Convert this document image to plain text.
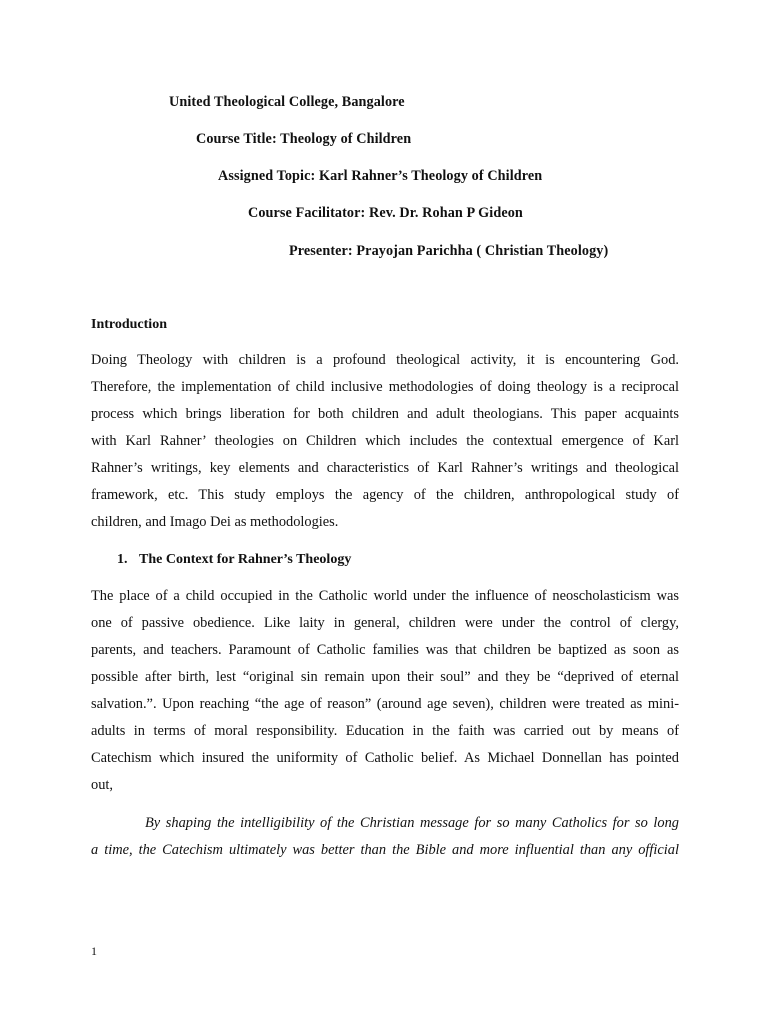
United Theological College, Bangalore
Course Title: Theology of Children
Assigned Topic: Karl Rahner’s Theology of Children
Course Facilitator: Rev. Dr. Rohan P Gideon
Presenter: Prayojan Parichha ( Christian Theology)
Introduction
Doing Theology with children is a profound theological activity, it is encountering God.
Therefore, the implementation of child inclusive methodologies of doing theology is a reciprocal
process which brings liberation for both children and adult theologians. This paper acquaints
with Karl Rahner’ theologies on Children which includes the contextual emergence of Karl
Rahner’s writings, key elements and characteristics of Karl Rahner’s writings and theological
framework, etc. This study employs the agency of the children, anthropological study of
children, and Imago Dei as methodologies.
1. The Context for Rahner’s Theology
The place of a child occupied in the Catholic world under the influence of neoscholasticism was
one of passive obedience. Like laity in general, children were under the control of clergy,
parents, and teachers. Paramount of Catholic families was that children be baptized as soon as
possible after birth, lest “original sin remain upon their soul” and they be “deprived of eternal
salvation.”. Upon reaching “the age of reason” (around age seven), children were treated as mini-
adults in terms of moral responsibility. Education in the faith was carried out by means of
Catechism which insured the uniformity of Catholic belief. As Michael Donnellan has pointed
out,
By shaping the intelligibility of the Christian message for so many Catholics for so long
a time, the Catechism ultimately was better than the Bible and more influential than any official
1
